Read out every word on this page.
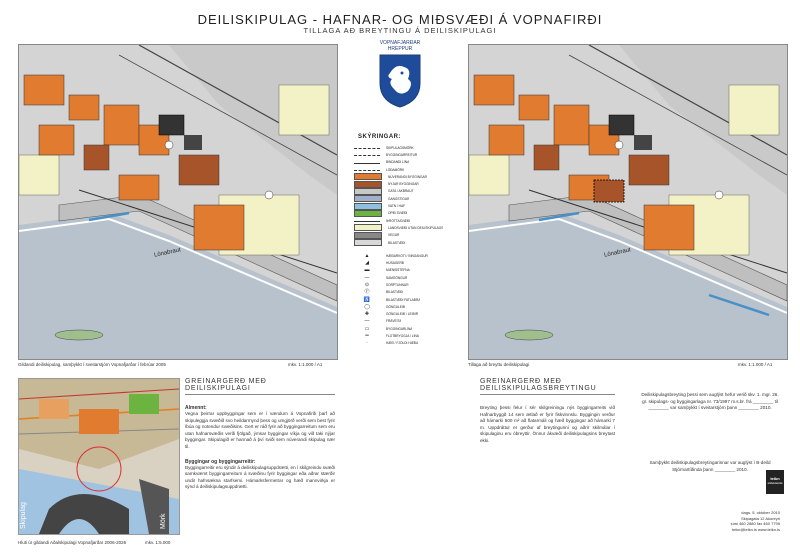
DEILISKIPULAG - HAFNAR- OG MIÐSVÆÐI Á VOPNAFIRÐI
TILLAGA AÐ BREYTINGU Á DEILISKIPULAGI
Lónabraut
Gildandi deiliskipulag, samþykkt í sveitarstjórn Vopnafjarðar í febrúar 2005	mkv. 1:1.000 / A1
Lónabraut
Tillaga að breyttu deiliskipulagi	mkv. 1:1.000 / A1
VOPNAFJARÐAR
HREPPUR
SKÝRINGAR:
SKIPULAGSMÖRK
BYGGINGARREITUR
BINDANDI LÍNA
LÓÐAMÖRK
NÚVERANDI BYGGINGAR
NÝJAR BYGGINGAR
GATA / AKBRAUT
GANGSTÍGUR
VATN / HAF
OPIÐ SVÆÐI
ÍÞRÓTTASVÆÐI
LANDSVÆÐI UTAN DEILISKIPULAGS
VEGUR
BÍLASTÆÐI
▲	HÆÐARKÓTI / INNGANGUR
◢	HÚSAGERÐ
▬	MÆNISSTEFNA
—	SAMGÖNGUR
⊙	SORPTUNNUR
Ⓟ	BÍLASTÆÐI
♿	BÍLASTÆÐI FATLAÐRA
◯	GÖNGULEIÐ
✚	GÖNGULEIÐ / LEIÐIR
―	FRÁVEITA
▭	BYGGINGARLÍNA
═	FLOTBRYGGJA / LÍNA
·	HÆÐ / FJÖLDI HÆÐA
Skipulag	Mörk
Hluti úr gildandi Aðalskipulagi Vopnafjarðar 2006-2026	mkv. 1:5.000
GREINARGERÐ MEÐ DEILISKIPULAGI
Almennt:
Vegna þeirrar uppbyggingar sem er í vændum á Vopnafirði þarf að skipuleggja svæðið svo heildarmynd þess og umgjörð verði sem best fyrir íbúa og notendur svæðisins. Gert er ráð fyrir að byggingarreitum sem eru utan hafnarsvæðis verði fjölgað, ýmsar byggingar víkja og við taki nýjar byggingar. Skipulagið er hannað á því sviði sem núverandi skipulag nær til.
Byggingar og byggingarreitir:
Byggingarreitir eru sýndir á deiliskipulagsuppdrætti, en í skilgreindu svæði samkvæmt byggingarreitum á svæðinu fyrir byggingar eða aðrar stærðir undir hafnsækna starfsemi. Hámarksfermetrar og hæð mannvirkja er sýnd á deiliskipulagsuppdrætti.
GREINARGERÐ MEÐ DEILISKIPULAGSBREYTINGU
Breyting þessi felur í sér skilgreiningu nýs byggingarreits við Hafnarbyggð 14 sem ætlað er fyrir fiskvinnslu. Byggingin verður að hámarki 500 m² að flatarmáli og hæð byggingar að hámarki 7 m. Uppdráttur er gerður af breytingunni og aðrir skilmálar í skipulaginu eru óbreyttir. Önnur ákvæði deiliskipulagsins breytast ekki.
Deiliskipulagsbreyting þessi sem auglýst hefur verið skv. 1. mgr. 26. gr. skipulags- og byggingarlaga nr. 73/1997 m.s.br. frá ________ til ________ var samþykkt í sveitarstjórn þann ________ 2010.
Samþykkt deiliskipulagsbreytingarinnar var auglýst í B-deild Stjórnartíðinda þann ________ 2010.
dags. 5. október 2010
Skipagata 12 Akureyri
sími 460 2880 fax 460 7799
teikn@teikn.is www.teikn.is
teikn
arkitektastofa
